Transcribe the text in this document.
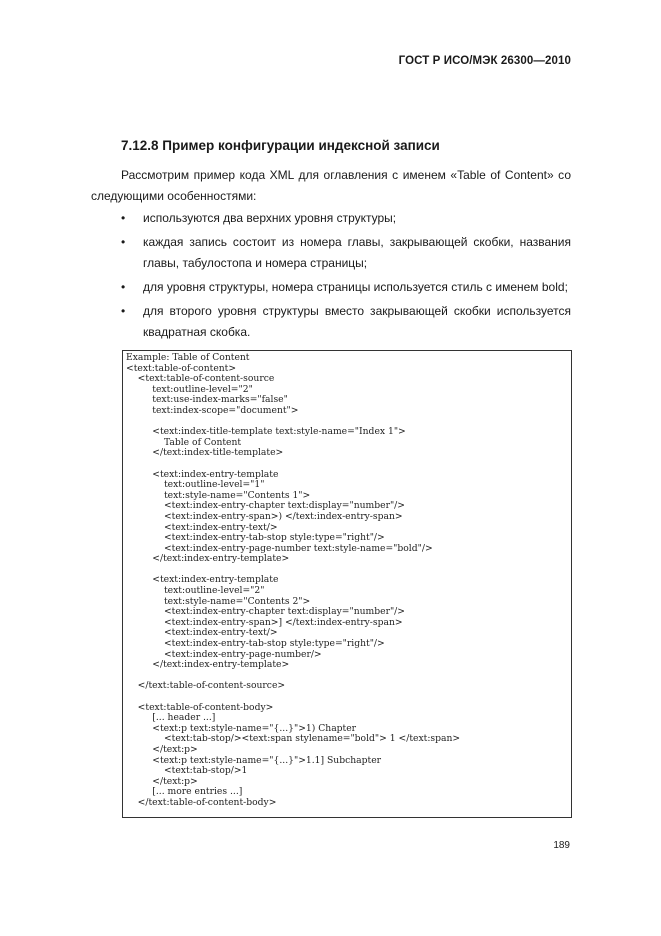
ГОСТ Р ИСО/МЭК 26300—2010
7.12.8 Пример конфигурации индексной записи

Рассмотрим пример кода XML для оглавления с именем «Table of Content» со следующими особенностями:

• используются два верхних уровня структуры;
• каждая запись состоит из номера главы, закрывающей скобки, названия главы, табулостопа и номера страницы;
• для уровня структуры, номера страницы используется стиль с именем bold;
• для второго уровня структуры вместо закрывающей скобки используется квадратная скобка.
Example: Table of Content
<text:table-of-content>
<text:table-of-content-source
text:outline-level="2"
text:use-index-marks="false"
text:index-scope="document">

<text:index-title-template text:style-name="Index 1">
Table of Content
</text:index-title-template>

<text:index-entry-template
text:outline-level="1"
text:style-name="Contents 1">
<text:index-entry-chapter text:display="number"/>
<text:index-entry-span>) </text:index-entry-span>
<text:index-entry-text/>
<text:index-entry-tab-stop style:type="right"/>
<text:index-entry-page-number text:style-name="bold"/>
</text:index-entry-template>

<text:index-entry-template
text:outline-level="2"
text:style-name="Contents 2">
<text:index-entry-chapter text:display="number"/>
<text:index-entry-span>] </text:index-entry-span>
<text:index-entry-text/>
<text:index-entry-tab-stop style:type="right"/>
<text:index-entry-page-number/>
</text:index-entry-template>

</text:table-of-content-source>

<text:table-of-content-body>
[... header ...]
<text:p text:style-name="{...}">1) Chapter
<text:tab-stop/><text:span stylename="bold"> 1 </text:span>
</text:p>
<text:p text:style-name="{...}">1.1] Subchapter
<text:tab-stop/>1
</text:p>
[... more entries ...]
</text:table-of-content-body>
189
